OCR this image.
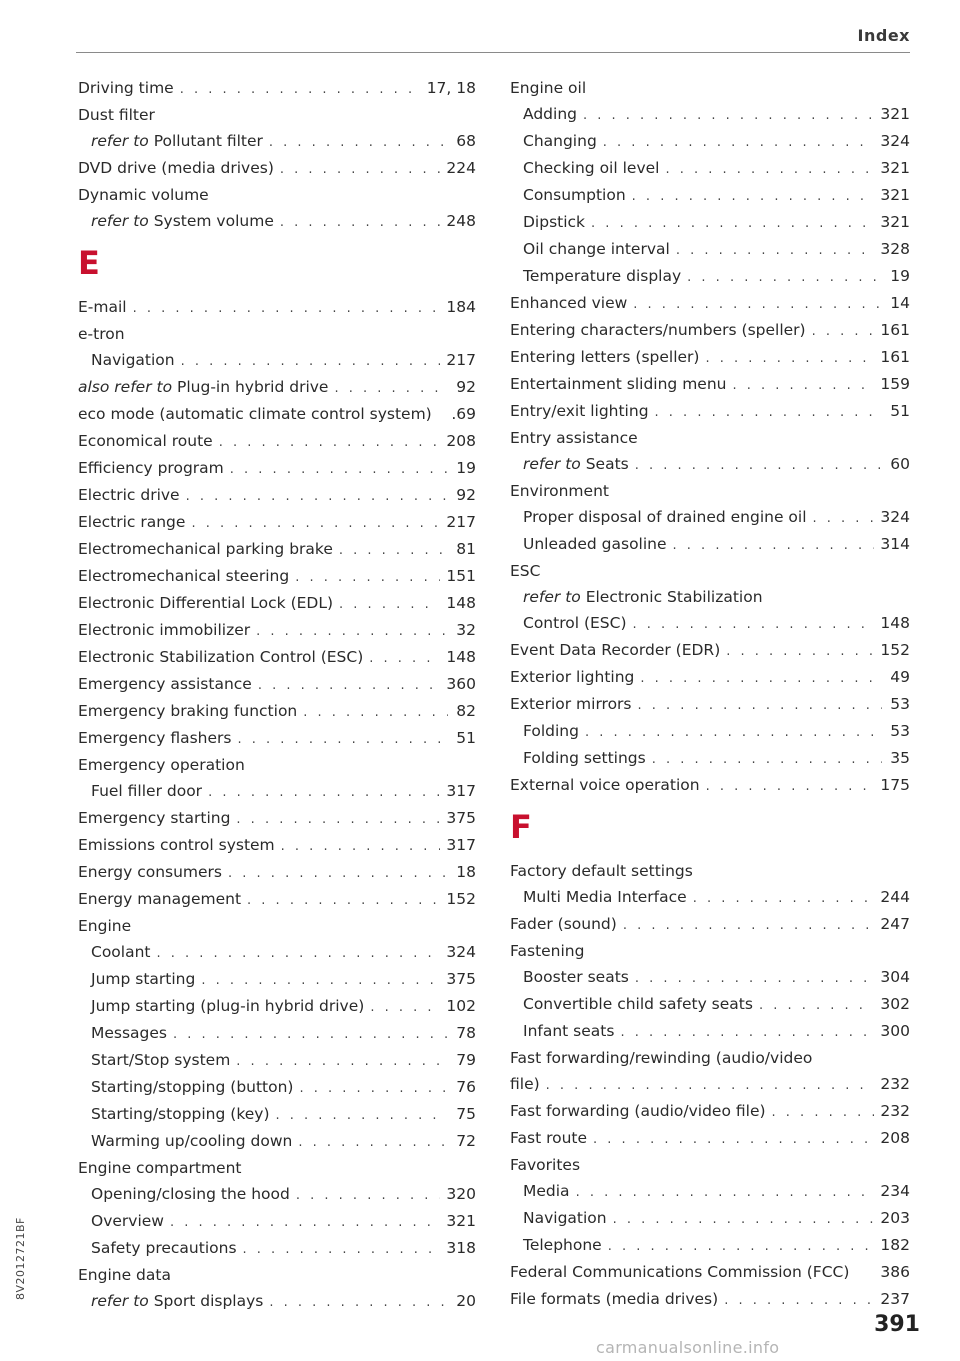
Index
Driving time . . .	17, 18
Dust filter
refer to Pollutant filter . . .	68
DVD drive (media drives) . . .	224
Dynamic volume
refer to System volume . . .	248
E
E-mail . . .	184
e-tron
Navigation . . .	217
also refer to Plug-in hybrid drive . . .	92
eco mode (automatic climate control system) .69
Economical route . . .	208
Efficiency program . . .	19
Electric drive . . .	92
Electric range . . .	217
Electromechanical parking brake . . .	81
Electromechanical steering . . .	151
Electronic Differential Lock (EDL) . . .	148
Electronic immobilizer . . .	32
Electronic Stabilization Control (ESC) . . .	148
Emergency assistance . . .	360
Emergency braking function . . .	82
Emergency flashers . . .	51
Emergency operation
Fuel filler door . . .	317
Emergency starting . . .	375
Emissions control system . . .	317
Energy consumers . . .	18
Energy management . . .	152
Engine
Coolant . . .	324
Jump starting . . .	375
Jump starting (plug-in hybrid drive) . . .	102
Messages . . .	78
Start/Stop system . . .	79
Starting/stopping (button) . . .	76
Starting/stopping (key) . . .	75
Warming up/cooling down . . .	72
Engine compartment
Opening/closing the hood . . .	320
Overview . . .	321
Safety precautions . . .	318
Engine data
refer to Sport displays . . .	20
Engine oil
Adding . . .	321
Changing . . .	324
Checking oil level . . .	321
Consumption . . .	321
Dipstick . . .	321
Oil change interval . . .	328
Temperature display . . .	19
Enhanced view . . .	14
Entering characters/numbers (speller) . . .	161
Entering letters (speller) . . .	161
Entertainment sliding menu . . .	159
Entry/exit lighting . . .	51
Entry assistance
refer to Seats . . .	60
Environment
Proper disposal of drained engine oil . . .	324
Unleaded gasoline . . .	314
ESC
refer to Electronic Stabilization
Control (ESC) . . .	148
Event Data Recorder (EDR) . . .	152
Exterior lighting . . .	49
Exterior mirrors . . .	53
Folding . . .	53
Folding settings . . .	35
External voice operation . . .	175
F
Factory default settings
Multi Media Interface . . .	244
Fader (sound) . . .	247
Fastening
Booster seats . . .	304
Convertible child safety seats . . .	302
Infant seats . . .	300
Fast forwarding/rewinding (audio/video
file) . . .	232
Fast forwarding (audio/video file) . . .	232
Fast route . . .	208
Favorites
Media . . .	234
Navigation . . .	203
Telephone . . .	182
Federal Communications Commission (FCC) 386
File formats (media drives) . . .	237
8V2012721BF
391
carmanualsonline.info
